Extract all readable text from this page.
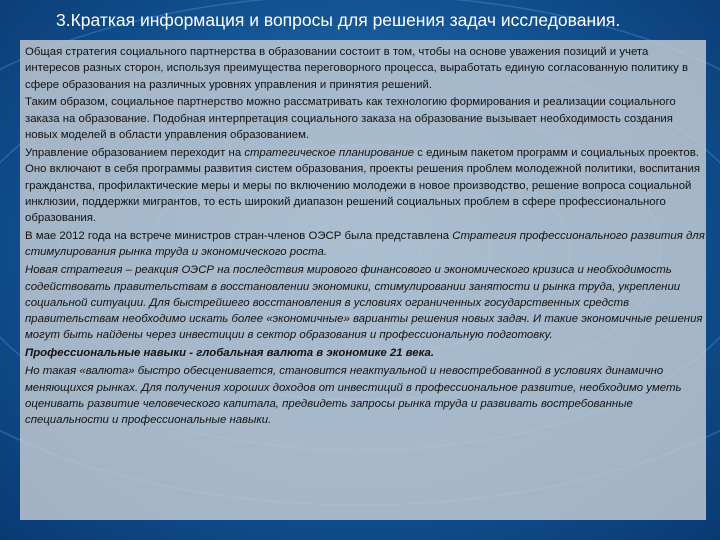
3.Краткая информация и вопросы для решения задач исследования.

Общая стратегия социального партнерства в образовании состоит в том, чтобы на основе уважения позиций и учета интересов разных сторон, используя преимущества переговорного процесса, выработать единую согласованную политику в сфере образования на различных уровнях управления и принятия решений.

Таким образом, социальное партнерство можно рассматривать как технологию формирования и реализации социального заказа на образование. Подобная интерпретация социального заказа на образование вызывает необходимость создания новых моделей в области управления образованием.

Управление образованием переходит на стратегическое планирование с единым пакетом программ и социальных проектов. Оно включают в себя программы развития систем образования, проекты решения проблем молодежной политики, воспитания гражданства, профилактические меры и меры по включению молодежи в новое производство, решение вопроса социальной инклюзии, поддержки мигрантов, то есть широкий диапазон решений социальных проблем в сфере профессионального образования.

В мае 2012 года на встрече министров стран-членов ОЭСР была представлена Стратегия профессионального развития для стимулирования рынка труда и экономического роста.

Новая стратегия – реакция ОЭСР на последствия мирового финансового и экономического кризиса и необходимость содействовать правительствам в восстановлении экономики, стимулировании занятости и рынка труда, укреплении социальной ситуации. Для быстрейшего восстановления в условиях ограниченных государственных средств правительствам необходимо искать более «экономичные» варианты решения новых задач. И такие экономичные решения могут быть найдены через инвестиции в сектор образования и профессиональную подготовку.

Профессиональные навыки - глобальная валюта в экономике 21 века.

Но такая «валюта» быстро обесценивается, становится неактуальной и невостребованной в условиях динамично меняющихся рынках. Для получения хороших доходов от инвестиций в профессиональное развитие, необходимо уметь оценивать развитие человеческого капитала, предвидеть запросы рынка труда и развивать востребованные специальности и профессиональные навыки.
